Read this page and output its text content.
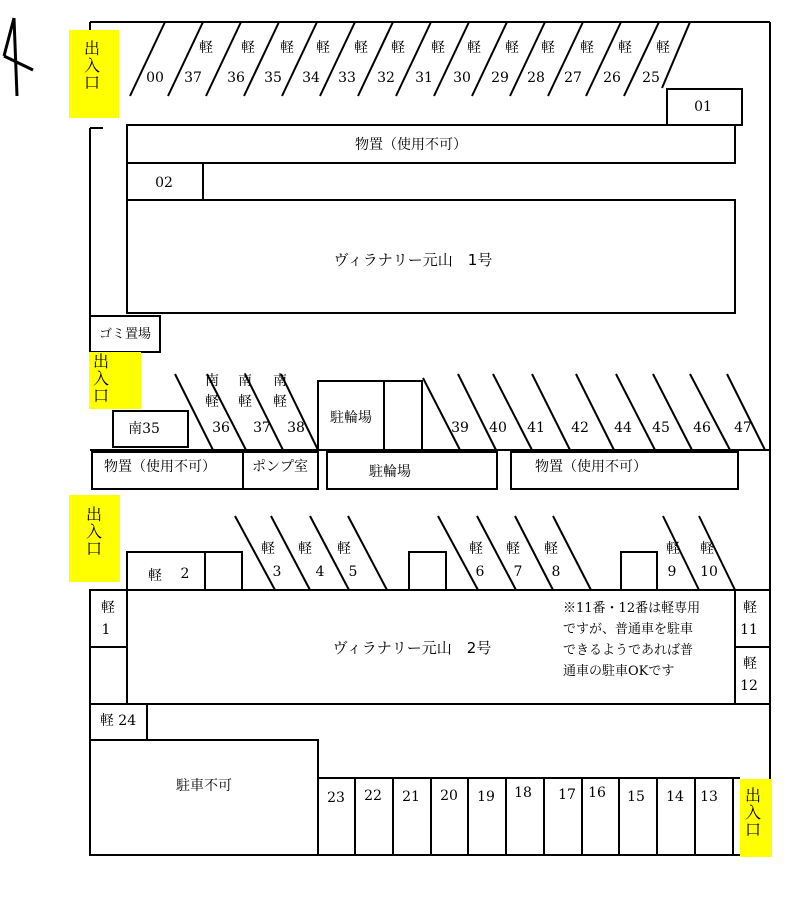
出
入
口
出
入
口
出
入
口
出
入
口
00 37
軽
36
軽
35
軽
34
軽
33
軽
32
軽
31
軽
30
軽
29
軽
28
軽
27
軽
26
軽
25
軽
01
物置（使用不可）
02
ヴィラナリー元山　1号
ゴミ置場
南
軽
36
南
軽
37
南
軽
38
南35
駐輪場
39 40 41 42 44 45 46 47
物置（使用不可）	ポンプ室	駐輪場	物置（使用不可）
軽 2
軽
3
軽
4
軽
5
軽
6
軽
7
軽
8
軽
9
軽
10
軽
1
軽
11
軽
12
ヴィラナリー元山　2号
※11番・12番は軽専用
ですが、普通車を駐車
できるようであれば普
通車の駐車OKです
軽 24
駐車不可
23 22 21 20 19 18 17 16 15 14 13
